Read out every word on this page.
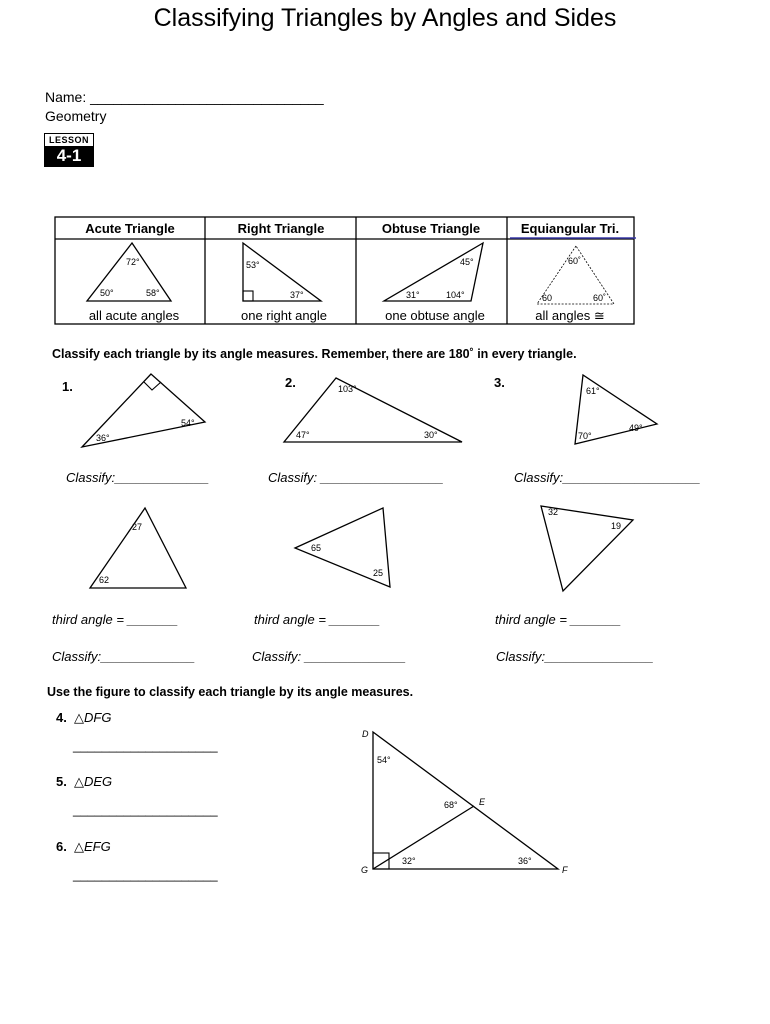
Classifying Triangles by Angles and Sides
Name: ______________________________
Geometry
LESSON
4-1
Acute Triangle	Right Triangle	Obtuse Triangle	Equiangular Tri.
72°
50°	58°
53°
37°
45°
31°	104°
60˚
60	60˚
all acute angles	one right angle	one obtuse angle	all angles ≅
Classify each triangle by its angle measures. Remember, there are 180˚ in every triangle.
1.
54°
36°
2.	103°
47°	30°
3.
61°
70°
49°
Classify:_____________	Classify: _________________	Classify:___________________
27
62
65
25
32
19
third angle = _______	third angle = _______	third angle = _______
Classify:_____________	Classify: ______________	Classify:_______________
Use the figure to classify each triangle by its angle measures.
4. △DFG
____________________
5. △DEG
____________________
6. △EFG
____________________
D
E
F
G
54°
68°
32°	36°
